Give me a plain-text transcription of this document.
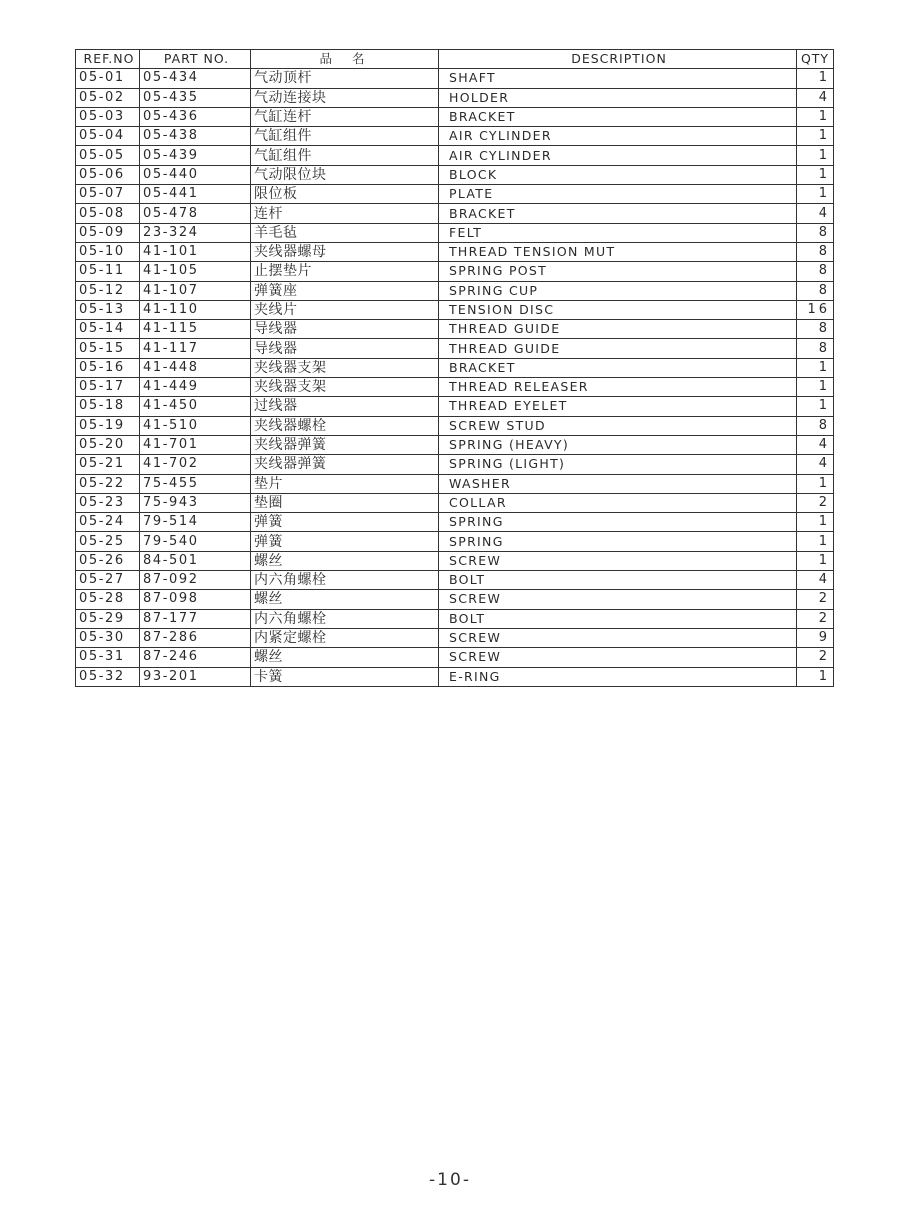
REF.NO	PART NO.	品 名	DESCRIPTION	QTY
05-01	05-434	气动顶杆	SHAFT	1
05-02	05-435	气动连接块	HOLDER	4
05-03	05-436	气缸连杆	BRACKET	1
05-04	05-438	气缸组件	AIR CYLINDER	1
05-05	05-439	气缸组件	AIR CYLINDER	1
05-06	05-440	气动限位块	BLOCK	1
05-07	05-441	限位板	PLATE	1
05-08	05-478	连杆	BRACKET	4
05-09	23-324	羊毛毡	FELT	8
05-10	41-101	夹线器螺母	THREAD TENSION MUT	8
05-11	41-105	止摆垫片	SPRING POST	8
05-12	41-107	弹簧座	SPRING CUP	8
05-13	41-110	夹线片	TENSION DISC	16
05-14	41-115	导线器	THREAD GUIDE	8
05-15	41-117	导线器	THREAD GUIDE	8
05-16	41-448	夹线器支架	BRACKET	1
05-17	41-449	夹线器支架	THREAD RELEASER	1
05-18	41-450	过线器	THREAD EYELET	1
05-19	41-510	夹线器螺栓	SCREW STUD	8
05-20	41-701	夹线器弹簧	SPRING (HEAVY)	4
05-21	41-702	夹线器弹簧	SPRING (LIGHT)	4
05-22	75-455	垫片	WASHER	1
05-23	75-943	垫圈	COLLAR	2
05-24	79-514	弹簧	SPRING	1
05-25	79-540	弹簧	SPRING	1
05-26	84-501	螺丝	SCREW	1
05-27	87-092	内六角螺栓	BOLT	4
05-28	87-098	螺丝	SCREW	2
05-29	87-177	内六角螺栓	BOLT	2
05-30	87-286	内紧定螺栓	SCREW	9
05-31	87-246	螺丝	SCREW	2
05-32	93-201	卡簧	E-RING	1
-10-
